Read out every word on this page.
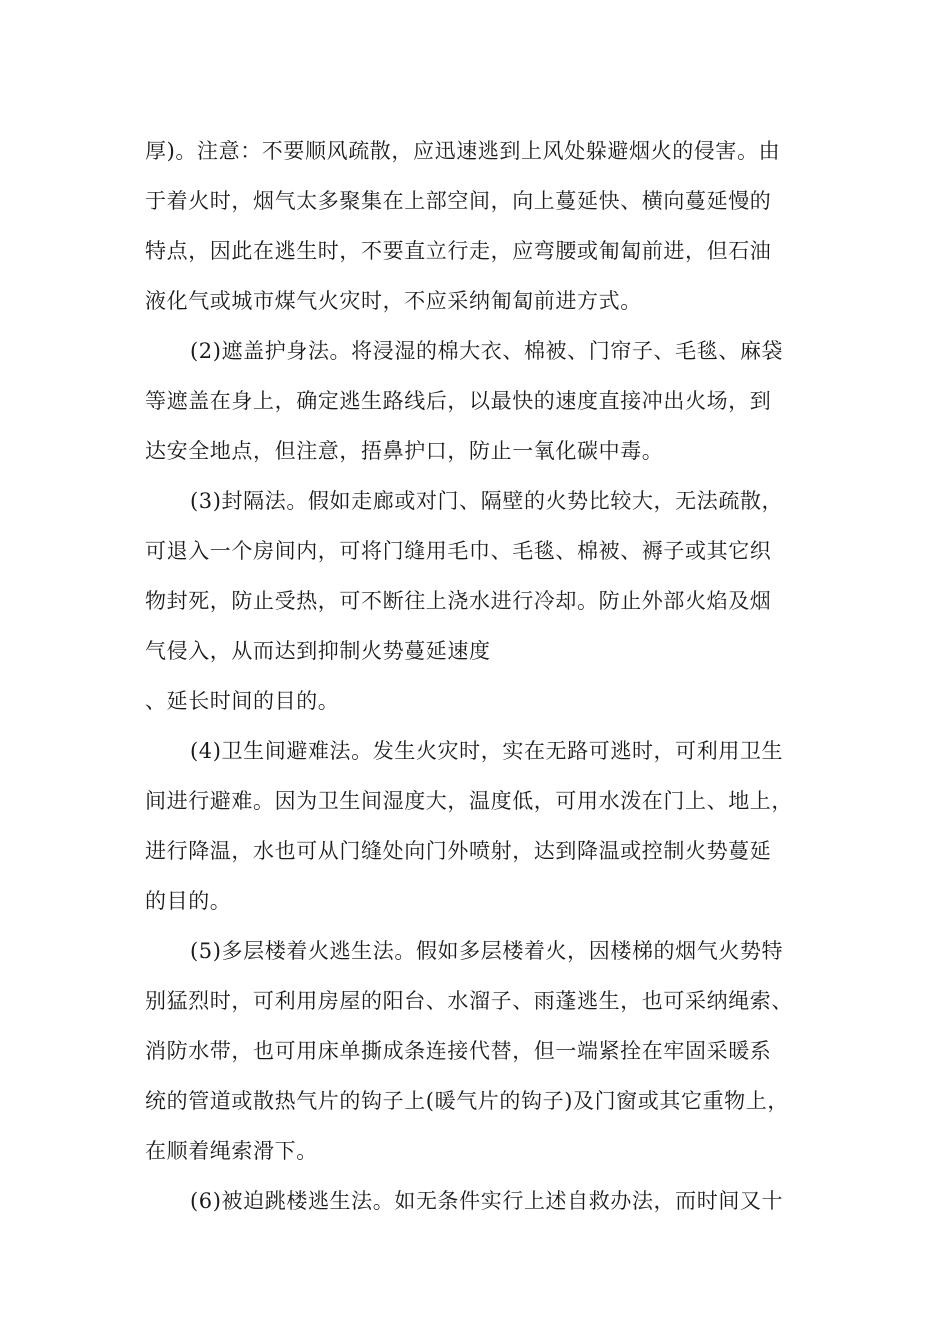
厚)。注意：不要顺风疏散，应迅速逃到上风处躲避烟火的侵害。由
于着火时，烟气太多聚集在上部空间，向上蔓延快、横向蔓延慢的
特点，因此在逃生时，不要直立行走，应弯腰或匍匐前进，但石油
液化气或城市煤气火灾时，不应采纳匍匐前进方式。
(2)遮盖护身法。将浸湿的棉大衣、棉被、门帘子、毛毯、麻袋
等遮盖在身上，确定逃生路线后，以最快的速度直接冲出火场，到
达安全地点，但注意，捂鼻护口，防止一氧化碳中毒。
(3)封隔法。假如走廊或对门、隔壁的火势比较大，无法疏散，
可退入一个房间内，可将门缝用毛巾、毛毯、棉被、褥子或其它织
物封死，防止受热，可不断往上浇水进行冷却。防止外部火焰及烟
气侵入，从而达到抑制火势蔓延速度
、延长时间的目的。
(4)卫生间避难法。发生火灾时，实在无路可逃时，可利用卫生
间进行避难。因为卫生间湿度大，温度低，可用水泼在门上、地上，
进行降温，水也可从门缝处向门外喷射，达到降温或控制火势蔓延
的目的。
(5)多层楼着火逃生法。假如多层楼着火，因楼梯的烟气火势特
别猛烈时，可利用房屋的阳台、水溜子、雨蓬逃生，也可采纳绳索、
消防水带，也可用床单撕成条连接代替，但一端紧拴在牢固采暖系
统的管道或散热气片的钩子上(暖气片的钩子)及门窗或其它重物上，
在顺着绳索滑下。
(6)被迫跳楼逃生法。如无条件实行上述自救办法，而时间又十
